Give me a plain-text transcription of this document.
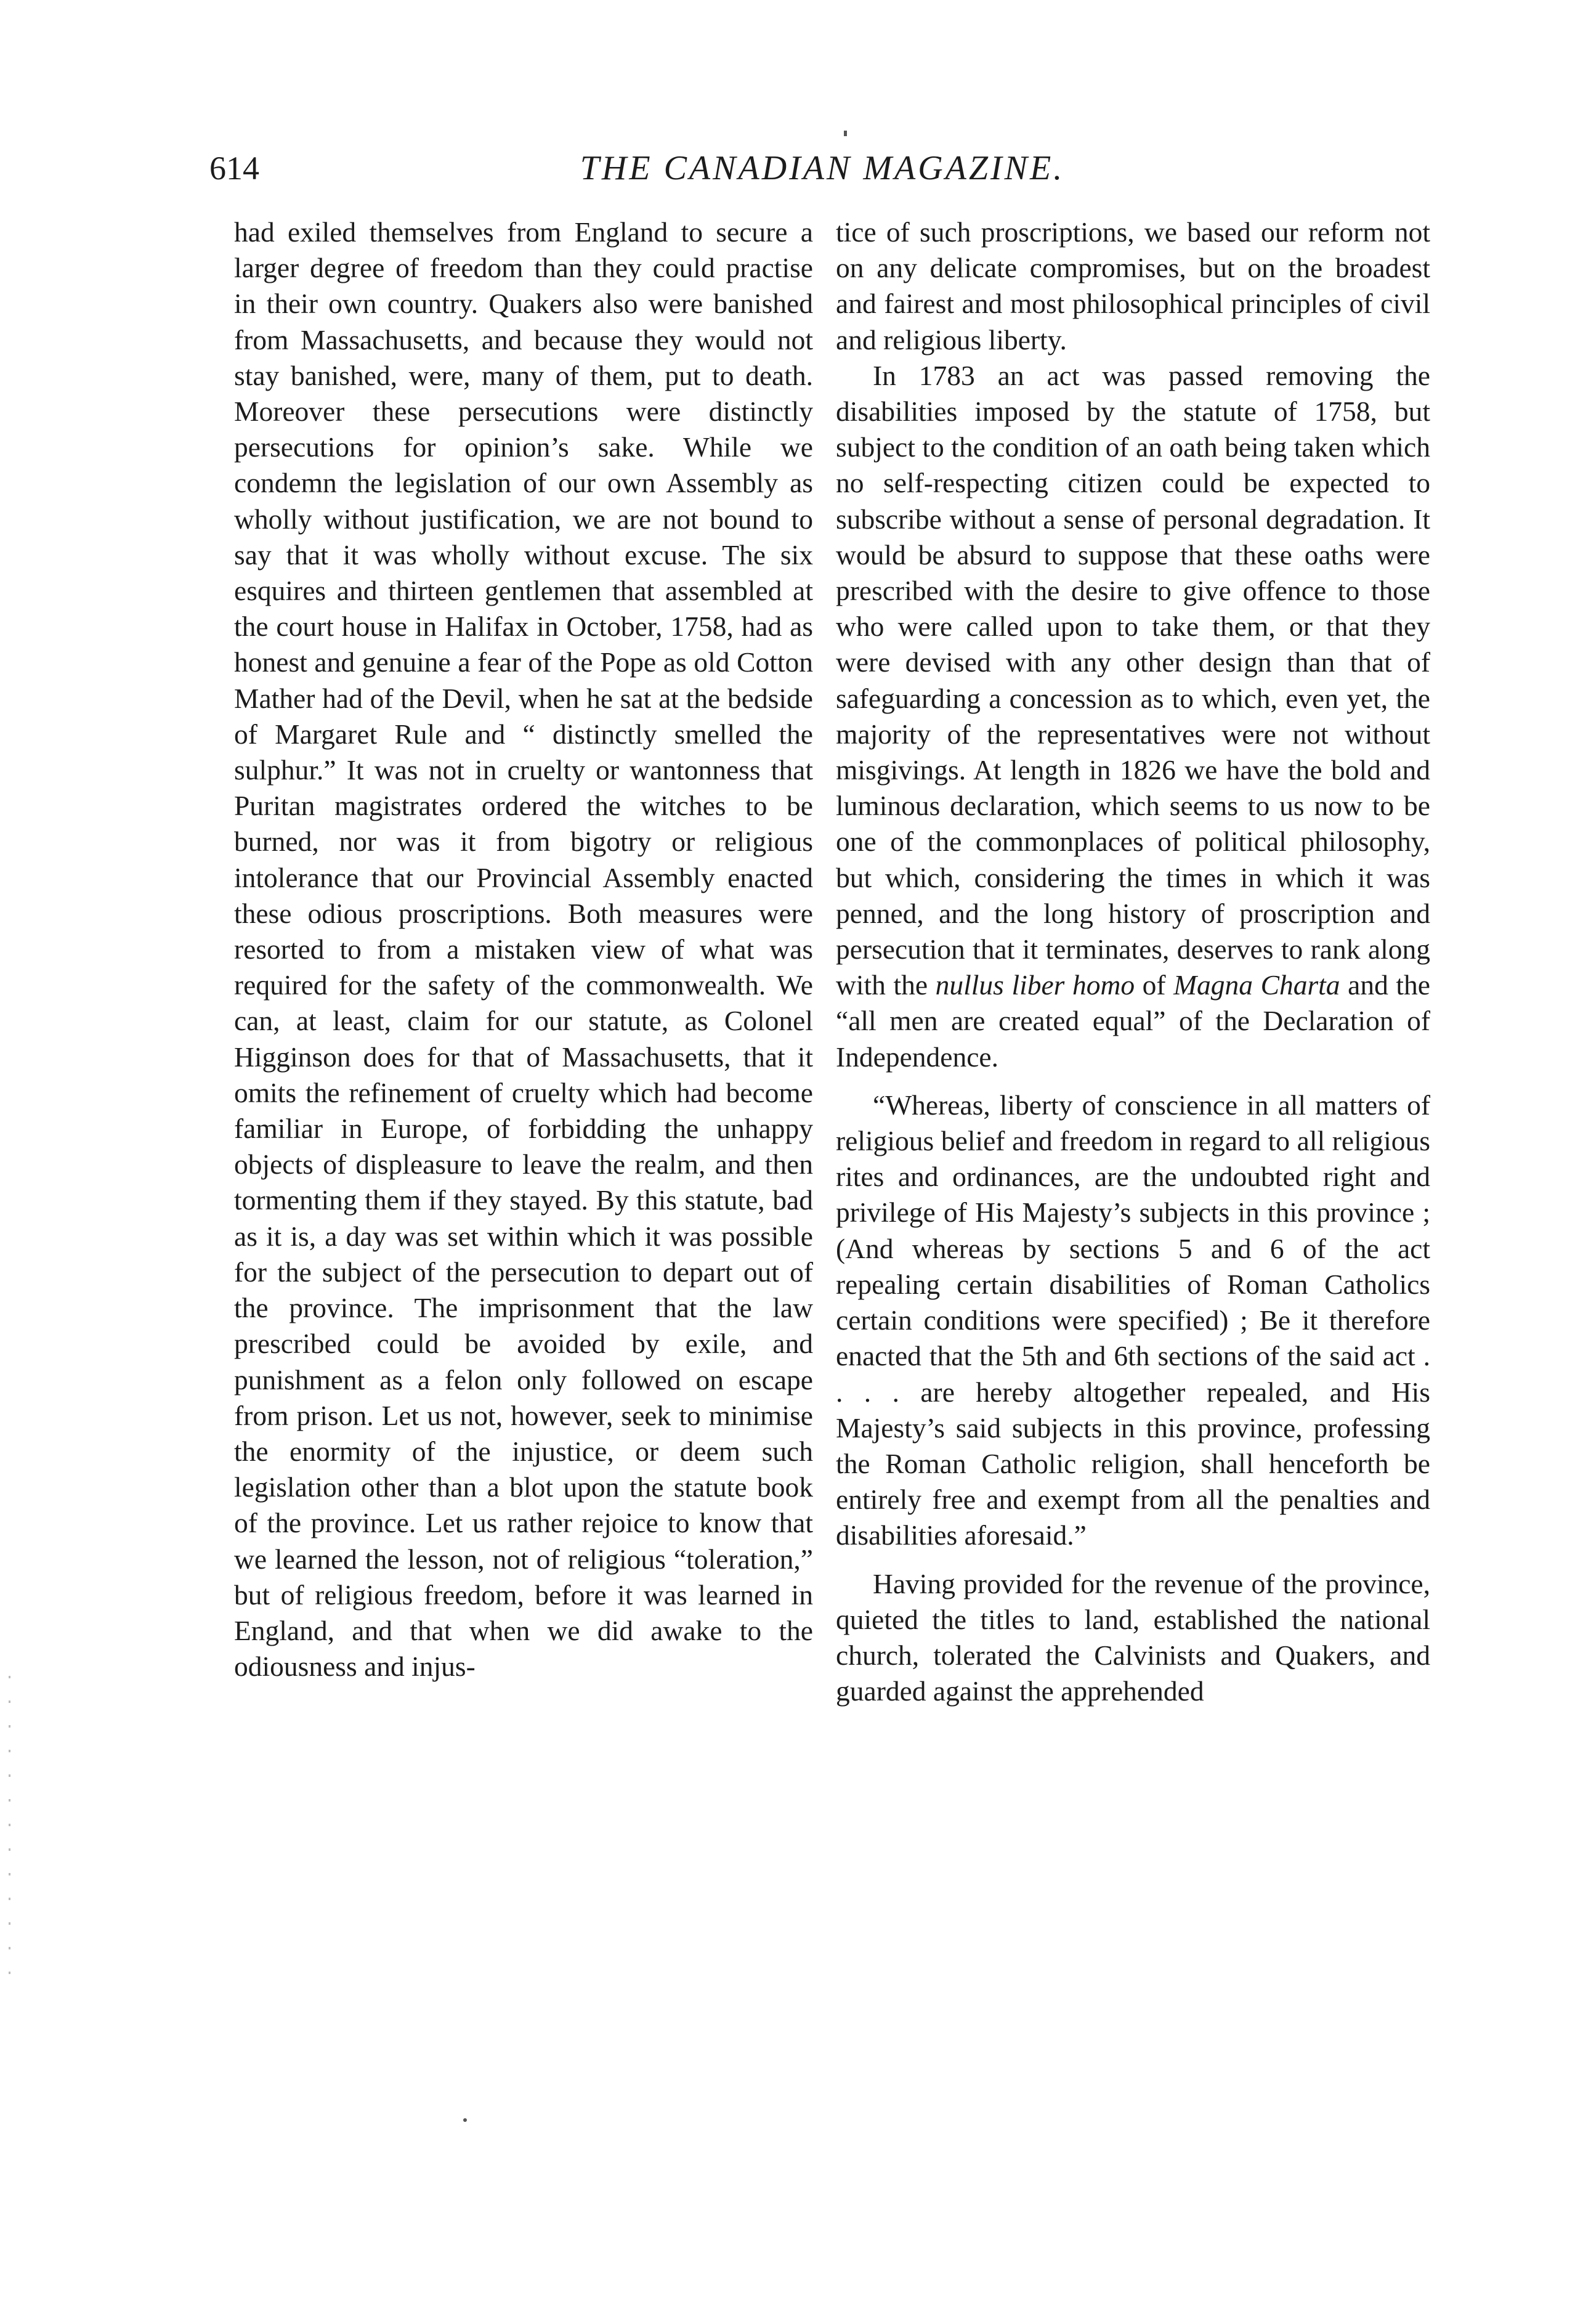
614	THE CANADIAN MAGAZINE.

had exiled themselves from England to secure a larger degree of freedom than they could practise in their own country. Quakers also were banished from Massachusetts, and because they would not stay banished, were, many of them, put to death. Moreover these persecutions were distinctly persecutions for opinion’s sake. While we condemn the legislation of our own Assembly as wholly without justification, we are not bound to say that it was wholly without excuse. The six esquires and thirteen gentlemen that assembled at the court house in Halifax in October, 1758, had as honest and genuine a fear of the Pope as old Cotton Mather had of the Devil, when he sat at the bedside of Margaret Rule and “ distinctly smelled the sulphur.” It was not in cruelty or wantonness that Puritan magistrates ordered the witches to be burned, nor was it from bigotry or religious intolerance that our Provincial Assembly enacted these odious proscriptions. Both measures were resorted to from a mistaken view of what was required for the safety of the commonwealth. We can, at least, claim for our statute, as Colonel Higginson does for that of Massachusetts, that it omits the refinement of cruelty which had become familiar in Europe, of forbidding the unhappy objects of displeasure to leave the realm, and then tormenting them if they stayed. By this statute, bad as it is, a day was set within which it was possible for the subject of the persecution to depart out of the province. The imprisonment that the law prescribed could be avoided by exile, and punishment as a felon only followed on escape from prison. Let us not, however, seek to minimise the enormity of the injustice, or deem such legislation other than a blot upon the statute book of the province. Let us rather rejoice to know that we learned the lesson, not of religious “toleration,” but of religious freedom, before it was learned in England, and that when we did awake to the odiousness and injus-

tice of such proscriptions, we based our reform not on any delicate compromises, but on the broadest and fairest and most philosophical principles of civil and religious liberty.

In 1783 an act was passed removing the disabilities imposed by the statute of 1758, but subject to the condition of an oath being taken which no self-respecting citizen could be expected to subscribe without a sense of personal degradation. It would be absurd to suppose that these oaths were prescribed with the desire to give offence to those who were called upon to take them, or that they were devised with any other design than that of safeguarding a concession as to which, even yet, the majority of the representatives were not without misgivings. At length in 1826 we have the bold and luminous declaration, which seems to us now to be one of the commonplaces of political philosophy, but which, considering the times in which it was penned, and the long history of proscription and persecution that it terminates, deserves to rank along with the nullus liber homo of Magna Charta and the “all men are created equal” of the Declaration of Independence.

“Whereas, liberty of conscience in all matters of religious belief and freedom in regard to all religious rites and ordinances, are the undoubted right and privilege of His Majesty’s subjects in this province ; (And whereas by sections 5 and 6 of the act repealing certain disabilities of Roman Catholics certain conditions were specified) ; Be it therefore enacted that the 5th and 6th sections of the said act . . . . are hereby altogether repealed, and His Majesty’s said subjects in this province, professing the Roman Catholic religion, shall henceforth be entirely free and exempt from all the penalties and disabilities aforesaid.”

Having provided for the revenue of the province, quieted the titles to land, established the national church, tolerated the Calvinists and Quakers, and guarded against the apprehended
